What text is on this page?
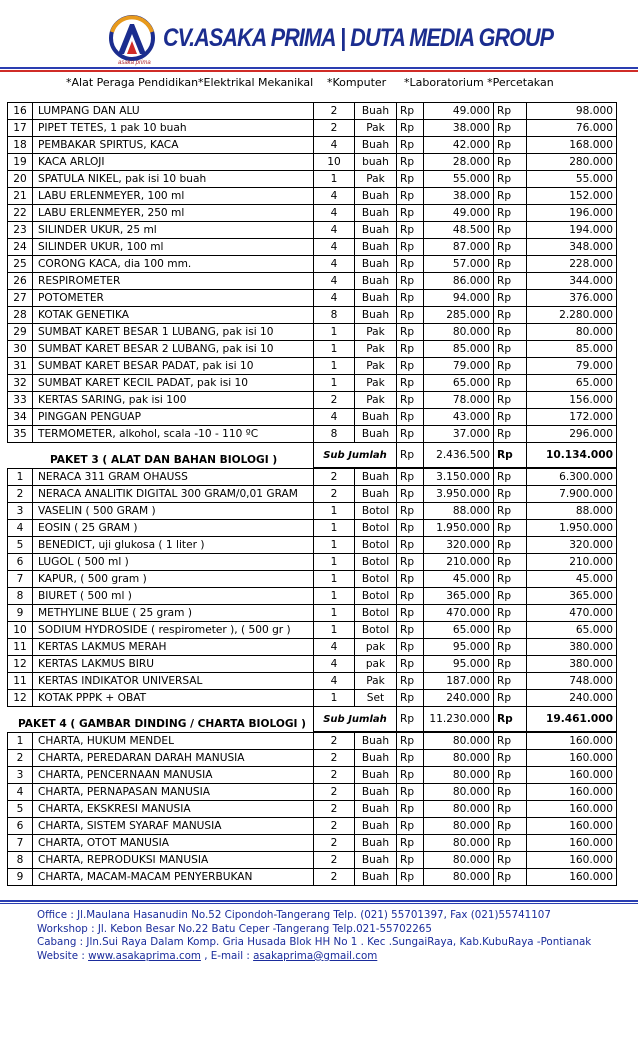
asaka prima
CV.ASAKA PRIMA | DUTA MEDIA GROUP
*Alat Peraga Pendidikan *Elektrikal Mekanikal *Komputer *Laboratorium *Percetakan
16	LUMPANG DAN ALU	2	Buah	Rp	49.000	Rp	98.000
17	PIPET TETES, 1 pak 10 buah	2	Pak	Rp	38.000	Rp	76.000
18	PEMBAKAR SPIRTUS, KACA	4	Buah	Rp	42.000	Rp	168.000
19	KACA ARLOJI	10	buah	Rp	28.000	Rp	280.000
20	SPATULA NIKEL, pak isi 10 buah	1	Pak	Rp	55.000	Rp	55.000
21	LABU ERLENMEYER, 100 ml	4	Buah	Rp	38.000	Rp	152.000
22	LABU ERLENMEYER, 250 ml	4	Buah	Rp	49.000	Rp	196.000
23	SILINDER UKUR, 25 ml	4	Buah	Rp	48.500	Rp	194.000
24	SILINDER UKUR, 100 ml	4	Buah	Rp	87.000	Rp	348.000
25	CORONG KACA, dia 100 mm.	4	Buah	Rp	57.000	Rp	228.000
26	RESPIROMETER	4	Buah	Rp	86.000	Rp	344.000
27	POTOMETER	4	Buah	Rp	94.000	Rp	376.000
28	KOTAK GENETIKA	8	Buah	Rp	285.000	Rp	2.280.000
29	SUMBAT KARET BESAR 1 LUBANG, pak isi 10	1	Pak	Rp	80.000	Rp	80.000
30	SUMBAT KARET BESAR 2 LUBANG, pak isi 10	1	Pak	Rp	85.000	Rp	85.000
31	SUMBAT KARET BESAR PADAT, pak isi 10	1	Pak	Rp	79.000	Rp	79.000
32	SUMBAT KARET KECIL PADAT, pak isi 10	1	Pak	Rp	65.000	Rp	65.000
33	KERTAS SARING, pak isi 100	2	Pak	Rp	78.000	Rp	156.000
34	PINGGAN PENGUAP	4	Buah	Rp	43.000	Rp	172.000
35	TERMOMETER, alkohol, scala -10 - 110 ºC	8	Buah	Rp	37.000	Rp	296.000
		Sub Jumlah		Rp	2.436.500	Rp	10.134.000
PAKET 3 ( ALAT DAN BAHAN BIOLOGI )
1	NERACA 311 GRAM OHAUSS	2	Buah	Rp	3.150.000	Rp	6.300.000
2	NERACA ANALITIK DIGITAL 300 GRAM/0,01 GRAM	2	Buah	Rp	3.950.000	Rp	7.900.000
3	VASELIN ( 500 GRAM )	1	Botol	Rp	88.000	Rp	88.000
4	EOSIN ( 25 GRAM )	1	Botol	Rp	1.950.000	Rp	1.950.000
5	BENEDICT, uji glukosa ( 1 liter )	1	Botol	Rp	320.000	Rp	320.000
6	LUGOL ( 500 ml )	1	Botol	Rp	210.000	Rp	210.000
7	KAPUR, ( 500 gram )	1	Botol	Rp	45.000	Rp	45.000
8	BIURET ( 500 ml )	1	Botol	Rp	365.000	Rp	365.000
9	METHYLINE BLUE ( 25 gram )	1	Botol	Rp	470.000	Rp	470.000
10	SODIUM HYDROSIDE ( respirometer ), ( 500 gr )	1	Botol	Rp	65.000	Rp	65.000
11	KERTAS LAKMUS MERAH	4	pak	Rp	95.000	Rp	380.000
12	KERTAS LAKMUS BIRU	4	pak	Rp	95.000	Rp	380.000
11	KERTAS INDIKATOR UNIVERSAL	4	Pak	Rp	187.000	Rp	748.000
12	KOTAK PPPK + OBAT	1	Set	Rp	240.000	Rp	240.000
		Sub Jumlah		Rp	11.230.000	Rp	19.461.000
PAKET 4 ( GAMBAR DINDING / CHARTA BIOLOGI )
1	CHARTA, HUKUM MENDEL	2	Buah	Rp	80.000	Rp	160.000
2	CHARTA, PEREDARAN DARAH MANUSIA	2	Buah	Rp	80.000	Rp	160.000
3	CHARTA, PENCERNAAN MANUSIA	2	Buah	Rp	80.000	Rp	160.000
4	CHARTA, PERNAPASAN MANUSIA	2	Buah	Rp	80.000	Rp	160.000
5	CHARTA, EKSKRESI MANUSIA	2	Buah	Rp	80.000	Rp	160.000
6	CHARTA, SISTEM SYARAF MANUSIA	2	Buah	Rp	80.000	Rp	160.000
7	CHARTA, OTOT MANUSIA	2	Buah	Rp	80.000	Rp	160.000
8	CHARTA, REPRODUKSI MANUSIA	2	Buah	Rp	80.000	Rp	160.000
9	CHARTA, MACAM-MACAM PENYERBUKAN	2	Buah	Rp	80.000	Rp	160.000
Office : Jl.Maulana Hasanudin No.52 Cipondoh-Tangerang Telp. (021) 55701397, Fax (021)55741107
Workshop : Jl. Kebon Besar No.22 Batu Ceper -Tangerang Telp.021-55702265
Cabang : Jln.Sui Raya Dalam Komp. Gria Husada Blok HH No 1 . Kec .SungaiRaya, Kab.KubuRaya -Pontianak
Website : www.asakaprima.com , E-mail : asakaprima@gmail.com
